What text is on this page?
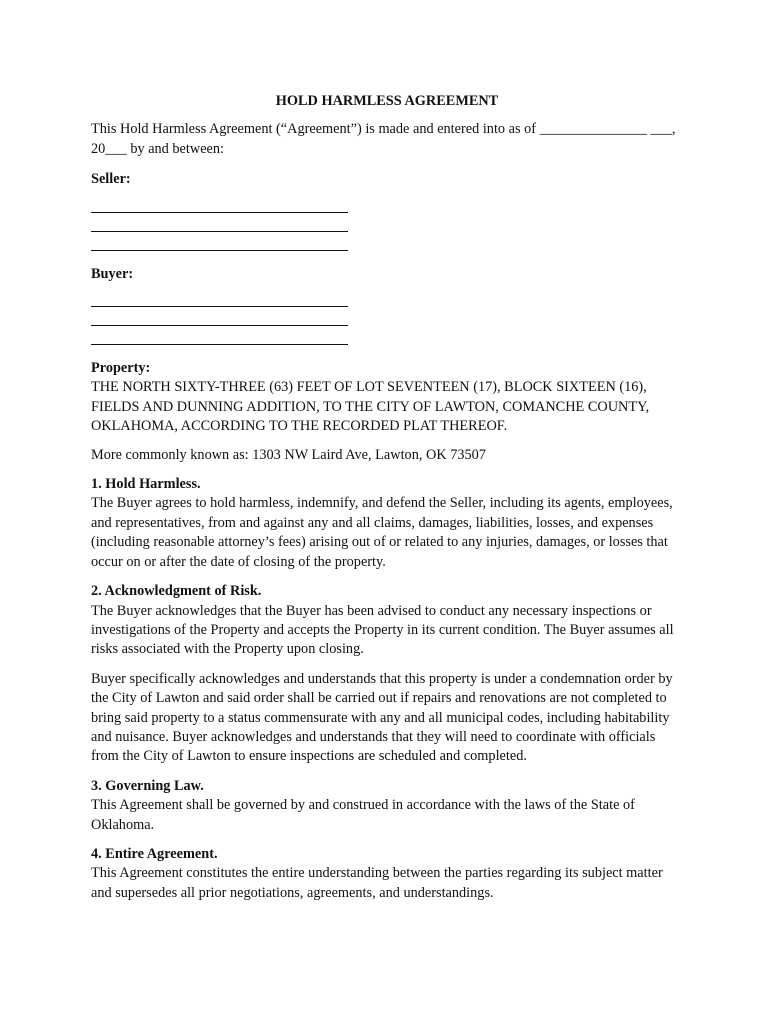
HOLD HARMLESS AGREEMENT

This Hold Harmless Agreement (“Agreement”) is made and entered into as of _______________ ___, 20___ by and between:

Seller:

Buyer:

Property:

THE NORTH SIXTY-THREE (63) FEET OF LOT SEVENTEEN (17), BLOCK SIXTEEN (16), FIELDS AND DUNNING ADDITION, TO THE CITY OF LAWTON, COMANCHE COUNTY, OKLAHOMA, ACCORDING TO THE RECORDED PLAT THEREOF.

More commonly known as: 1303 NW Laird Ave, Lawton, OK 73507

1. Hold Harmless.

The Buyer agrees to hold harmless, indemnify, and defend the Seller, including its agents, employees, and representatives, from and against any and all claims, damages, liabilities, losses, and expenses (including reasonable attorney’s fees) arising out of or related to any injuries, damages, or losses that occur on or after the date of closing of the property.

2. Acknowledgment of Risk.

The Buyer acknowledges that the Buyer has been advised to conduct any necessary inspections or investigations of the Property and accepts the Property in its current condition. The Buyer assumes all risks associated with the Property upon closing.

Buyer specifically acknowledges and understands that this property is under a condemnation order by the City of Lawton and said order shall be carried out if repairs and renovations are not completed to bring said property to a status commensurate with any and all municipal codes, including habitability and nuisance. Buyer acknowledges and understands that they will need to coordinate with officials from the City of Lawton to ensure inspections are scheduled and completed.

3. Governing Law.

This Agreement shall be governed by and construed in accordance with the laws of the State of Oklahoma.

4. Entire Agreement.

This Agreement constitutes the entire understanding between the parties regarding its subject matter and supersedes all prior negotiations, agreements, and understandings.
